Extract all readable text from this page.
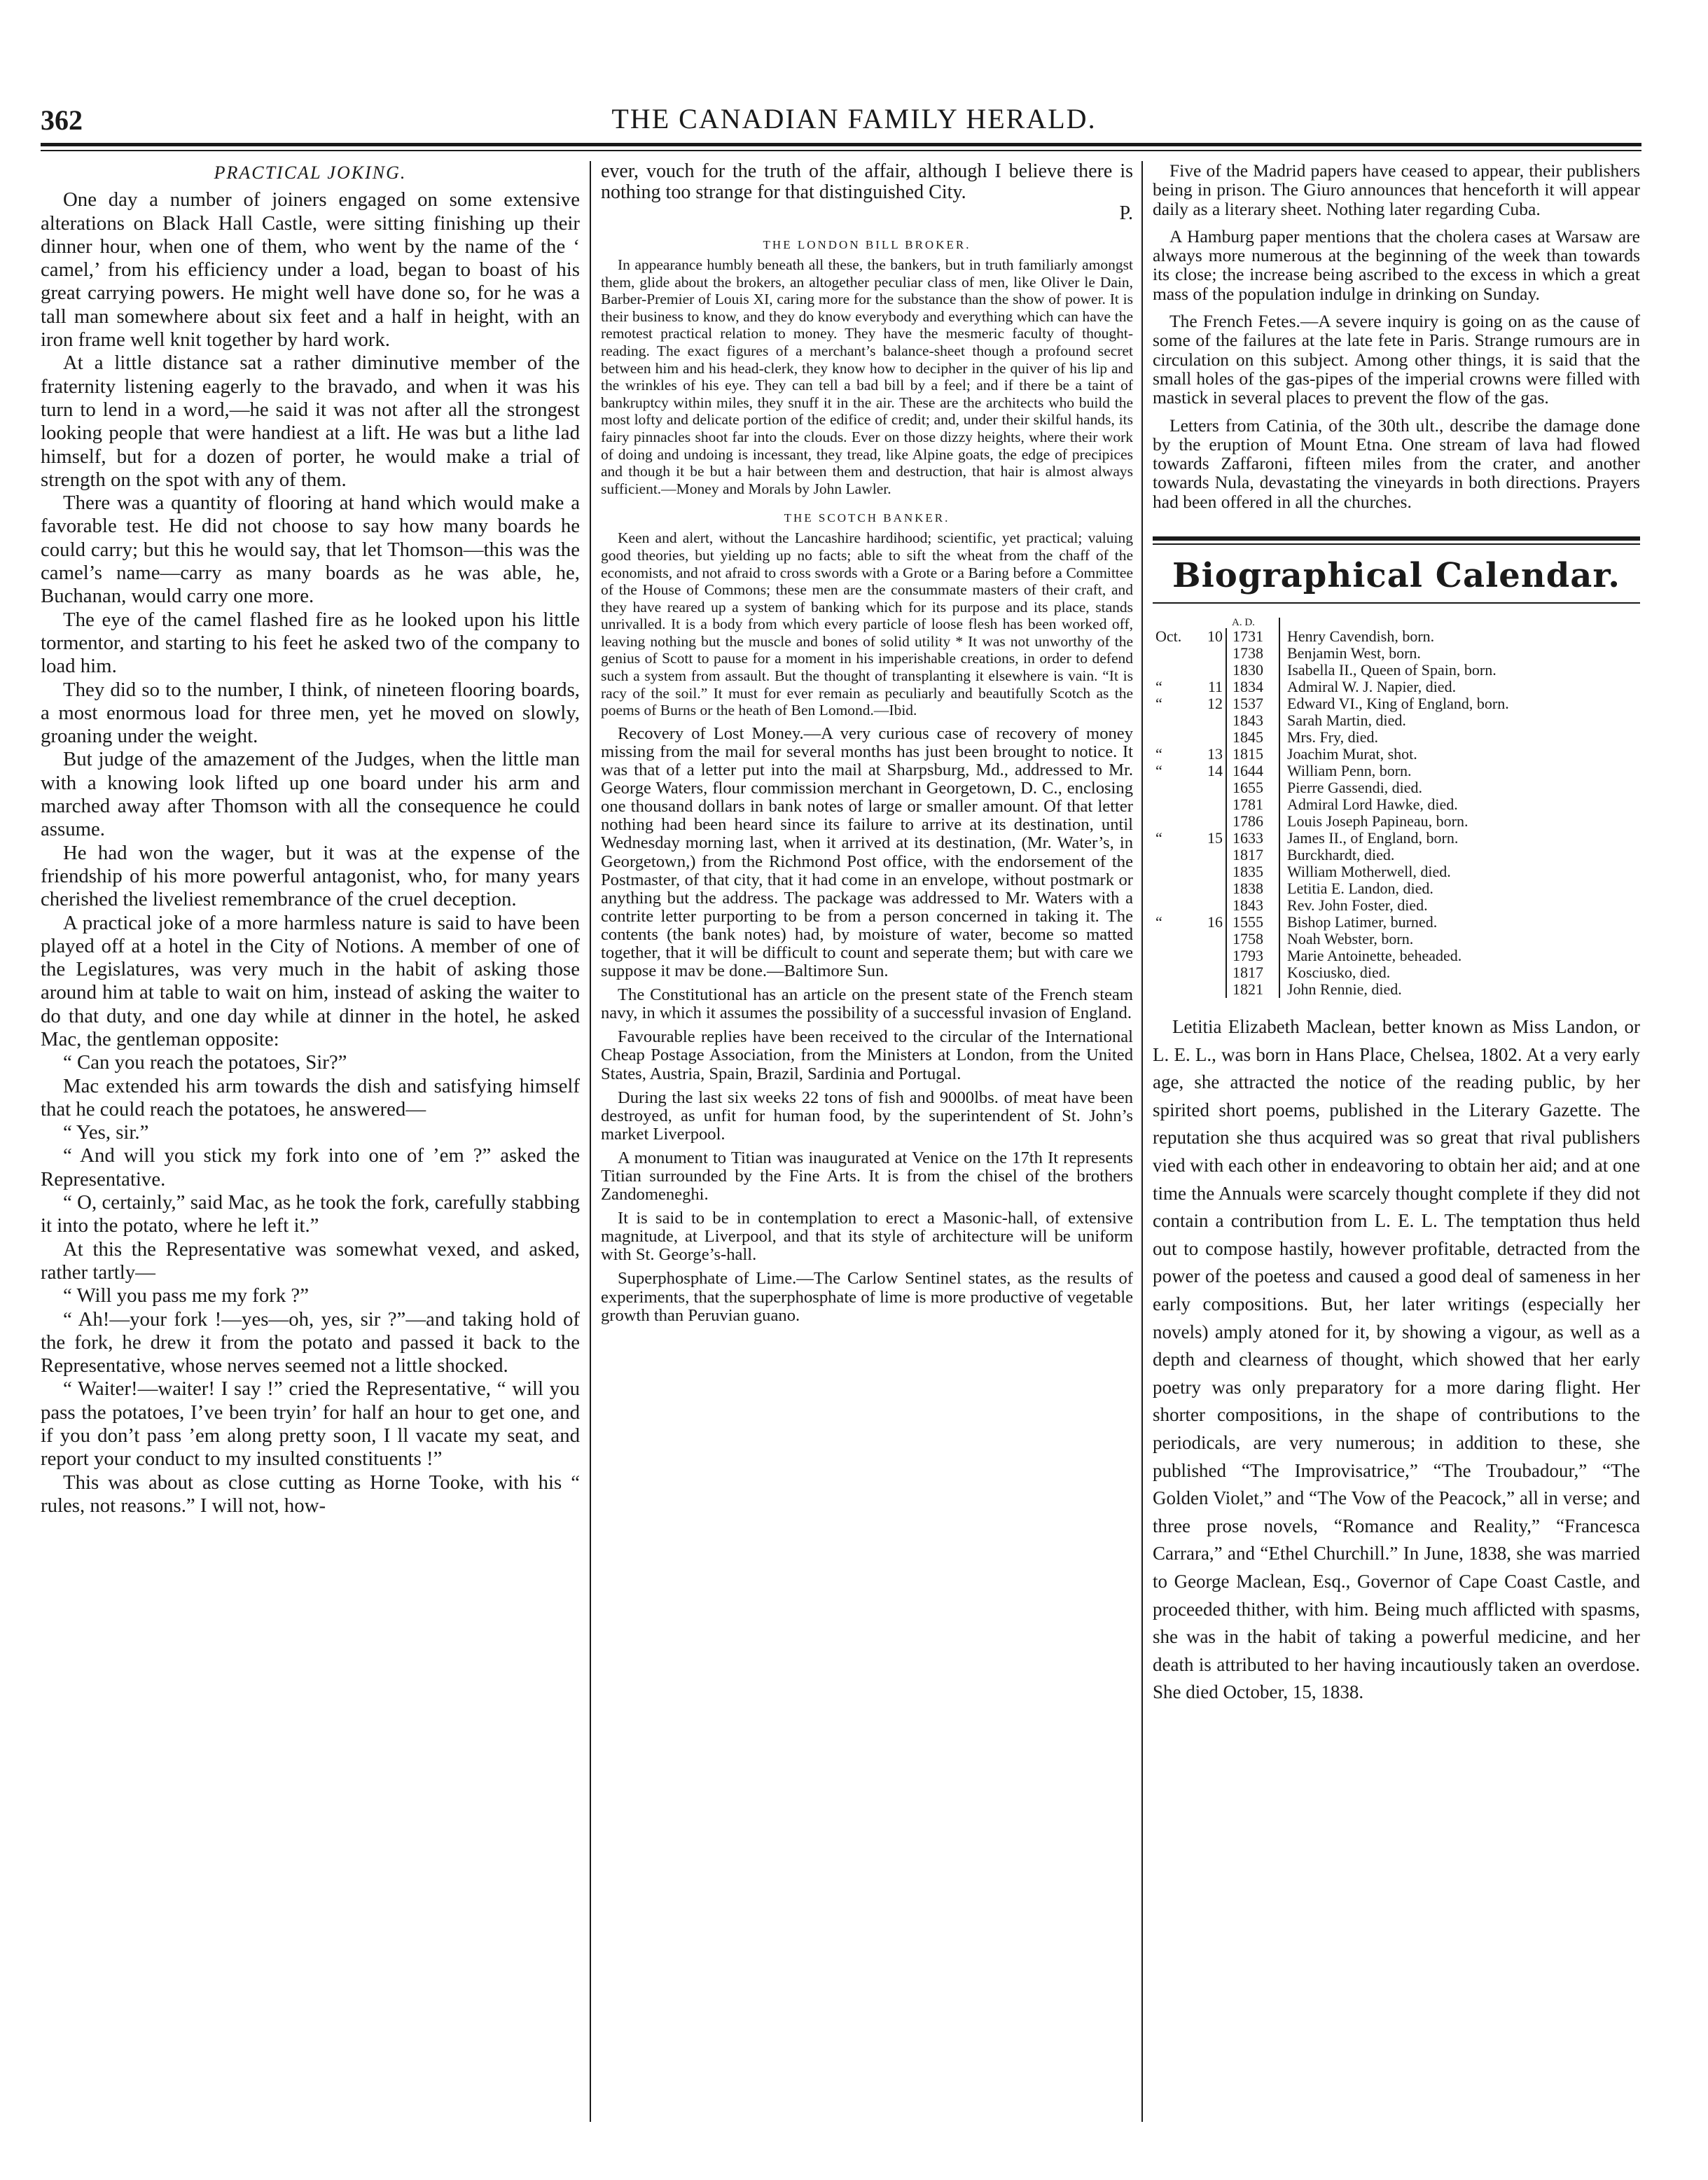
362	THE CANADIAN FAMILY HERALD.

PRACTICAL JOKING.

One day a number of joiners engaged on some extensive alterations on Black Hall Castle, were sitting finishing up their dinner hour, when one of them, who went by the name of the ‘ camel,’ from his efficiency under a load, began to boast of his great carrying powers. He might well have done so, for he was a tall man somewhere about six feet and a half in height, with an iron frame well knit together by hard work.

At a little distance sat a rather diminutive member of the fraternity listening eagerly to the bravado, and when it was his turn to lend in a word,—he said it was not after all the strongest looking people that were handiest at a lift. He was but a lithe lad himself, but for a dozen of porter, he would make a trial of strength on the spot with any of them.

There was a quantity of flooring at hand which would make a favorable test. He did not choose to say how many boards he could carry; but this he would say, that let Thomson—this was the camel’s name—carry as many boards as he was able, he, Buchanan, would carry one more.

The eye of the camel flashed fire as he looked upon his little tormentor, and starting to his feet he asked two of the company to load him.

They did so to the number, I think, of nineteen flooring boards, a most enormous load for three men, yet he moved on slowly, groaning under the weight.

But judge of the amazement of the Judges, when the little man with a knowing look lifted up one board under his arm and marched away after Thomson with all the consequence he could assume.

He had won the wager, but it was at the expense of the friendship of his more powerful antagonist, who, for many years cherished the liveliest remembrance of the cruel deception.

A practical joke of a more harmless nature is said to have been played off at a hotel in the City of Notions. A member of one of the Legislatures, was very much in the habit of asking those around him at table to wait on him, instead of asking the waiter to do that duty, and one day while at dinner in the hotel, he asked Mac, the gentleman opposite:

“ Can you reach the potatoes, Sir?”

Mac extended his arm towards the dish and satisfying himself that he could reach the potatoes, he answered—

“ Yes, sir.”

“ And will you stick my fork into one of ’em ?” asked the Representative.

“ O, certainly,” said Mac, as he took the fork, carefully stabbing it into the potato, where he left it.”

At this the Representative was somewhat vexed, and asked, rather tartly—

“ Will you pass me my fork ?”

“ Ah!—your fork !—yes—oh, yes, sir ?”—and taking hold of the fork, he drew it from the potato and passed it back to the Representative, whose nerves seemed not a little shocked.

“ Waiter!—waiter! I say !” cried the Representative, “ will you pass the potatoes, I’ve been tryin’ for half an hour to get one, and if you don’t pass ’em along pretty soon, I ll vacate my seat, and report your conduct to my insulted constituents !”

This was about as close cutting as Horne Tooke, with his “ rules, not reasons.” I will not, how-

ever, vouch for the truth of the affair, although I believe there is nothing too strange for that distinguished City.

P.

THE LONDON BILL BROKER.

In appearance humbly beneath all these, the bankers, but in truth familiarly amongst them, glide about the brokers, an altogether peculiar class of men, like Oliver le Dain, Barber-Premier of Louis XI, caring more for the substance than the show of power. It is their business to know, and they do know everybody and everything which can have the remotest practical relation to money. They have the mesmeric faculty of thought-reading. The exact figures of a merchant’s balance-sheet though a profound secret between him and his head-clerk, they know how to decipher in the quiver of his lip and the wrinkles of his eye. They can tell a bad bill by a feel; and if there be a taint of bankruptcy within miles, they snuff it in the air. These are the architects who build the most lofty and delicate portion of the edifice of credit; and, under their skilful hands, its fairy pinnacles shoot far into the clouds. Ever on those dizzy heights, where their work of doing and undoing is incessant, they tread, like Alpine goats, the edge of precipices and though it be but a hair between them and destruction, that hair is almost always sufficient.—Money and Morals by John Lawler.

THE SCOTCH BANKER.

Keen and alert, without the Lancashire hardihood; scientific, yet practical; valuing good theories, but yielding up no facts; able to sift the wheat from the chaff of the economists, and not afraid to cross swords with a Grote or a Baring before a Committee of the House of Commons; these men are the consummate masters of their craft, and they have reared up a system of banking which for its purpose and its place, stands unrivalled. It is a body from which every particle of loose flesh has been worked off, leaving nothing but the muscle and bones of solid utility * It was not unworthy of the genius of Scott to pause for a moment in his imperishable creations, in order to defend such a system from assault. But the thought of transplanting it elsewhere is vain. “It is racy of the soil.” It must for ever remain as peculiarly and beautifully Scotch as the poems of Burns or the heath of Ben Lomond.—Ibid.

Recovery of Lost Money.—A very curious case of recovery of money missing from the mail for several months has just been brought to notice. It was that of a letter put into the mail at Sharpsburg, Md., addressed to Mr. George Waters, flour commission merchant in Georgetown, D. C., enclosing one thousand dollars in bank notes of large or smaller amount. Of that letter nothing had been heard since its failure to arrive at its destination, until Wednesday morning last, when it arrived at its destination, (Mr. Water’s, in Georgetown,) from the Richmond Post office, with the endorsement of the Postmaster, of that city, that it had come in an envelope, without postmark or anything but the address. The package was addressed to Mr. Waters with a contrite letter purporting to be from a person concerned in taking it. The contents (the bank notes) had, by moisture of water, become so matted together, that it will be difficult to count and seperate them; but with care we suppose it mav be done.—Baltimore Sun.

The Constitutional has an article on the present state of the French steam navy, in which it assumes the possibility of a successful invasion of England.

Favourable replies have been received to the circular of the International Cheap Postage Association, from the Ministers at London, from the United States, Austria, Spain, Brazil, Sardinia and Portugal.

During the last six weeks 22 tons of fish and 9000lbs. of meat have been destroyed, as unfit for human food, by the superintendent of St. John’s market Liverpool.

A monument to Titian was inaugurated at Venice on the 17th It represents Titian surrounded by the Fine Arts. It is from the chisel of the brothers Zandomeneghi.

It is said to be in contemplation to erect a Masonic-hall, of extensive magnitude, at Liverpool, and that its style of architecture will be uniform with St. George’s-hall.

Superphosphate of Lime.—The Carlow Sentinel states, as the results of experiments, that the superphosphate of lime is more productive of vegetable growth than Peruvian guano.

Five of the Madrid papers have ceased to appear, their publishers being in prison. The Giuro announces that henceforth it will appear daily as a literary sheet. Nothing later regarding Cuba.

A Hamburg paper mentions that the cholera cases at Warsaw are always more numerous at the beginning of the week than towards its close; the increase being ascribed to the excess in which a great mass of the population indulge in drinking on Sunday.

The French Fetes.—A severe inquiry is going on as the cause of some of the failures at the late fete in Paris. Strange rumours are in circulation on this subject. Among other things, it is said that the small holes of the gas-pipes of the imperial crowns were filled with mastick in several places to prevent the flow of the gas.

Letters from Catinia, of the 30th ult., describe the damage done by the eruption of Mount Etna. One stream of lava had flowed towards Zaffaroni, fifteen miles from the crater, and another towards Nula, devastating the vineyards in both directions. Prayers had been offered in all the churches.

Biographical Calendar.
		A. D.	
Oct.	10	1731	Henry Cavendish, born.
		1738	Benjamin West, born.
		1830	Isabella II., Queen of Spain, born.
“	11	1834	Admiral W. J. Napier, died.
“	12	1537	Edward VI., King of England, born.
		1843	Sarah Martin, died.
		1845	Mrs. Fry, died.
“	13	1815	Joachim Murat, shot.
“	14	1644	William Penn, born.
		1655	Pierre Gassendi, died.
		1781	Admiral Lord Hawke, died.
		1786	Louis Joseph Papineau, born.
“	15	1633	James II., of England, born.
		1817	Burckhardt, died.
		1835	William Motherwell, died.
		1838	Letitia E. Landon, died.
		1843	Rev. John Foster, died.
“	16	1555	Bishop Latimer, burned.
		1758	Noah Webster, born.
		1793	Marie Antoinette, beheaded.
		1817	Kosciusko, died.
		1821	John Rennie, died.

Letitia Elizabeth Maclean, better known as Miss Landon, or L. E. L., was born in Hans Place, Chelsea, 1802. At a very early age, she attracted the notice of the reading public, by her spirited short poems, published in the Literary Gazette. The reputation she thus acquired was so great that rival publishers vied with each other in endeavoring to obtain her aid; and at one time the Annuals were scarcely thought complete if they did not contain a contribution from L. E. L. The temptation thus held out to compose hastily, however profitable, detracted from the power of the poetess and caused a good deal of sameness in her early compositions. But, her later writings (especially her novels) amply atoned for it, by showing a vigour, as well as a depth and clearness of thought, which showed that her early poetry was only preparatory for a more daring flight. Her shorter compositions, in the shape of contributions to the periodicals, are very numerous; in addition to these, she published “The Improvisatrice,” “The Troubadour,” “The Golden Violet,” and “The Vow of the Peacock,” all in verse; and three prose novels, “Romance and Reality,” “Francesca Carrara,” and “Ethel Churchill.” In June, 1838, she was married to George Maclean, Esq., Governor of Cape Coast Castle, and proceeded thither, with him. Being much afflicted with spasms, she was in the habit of taking a powerful medicine, and her death is attributed to her having incautiously taken an overdose. She died October, 15, 1838.
